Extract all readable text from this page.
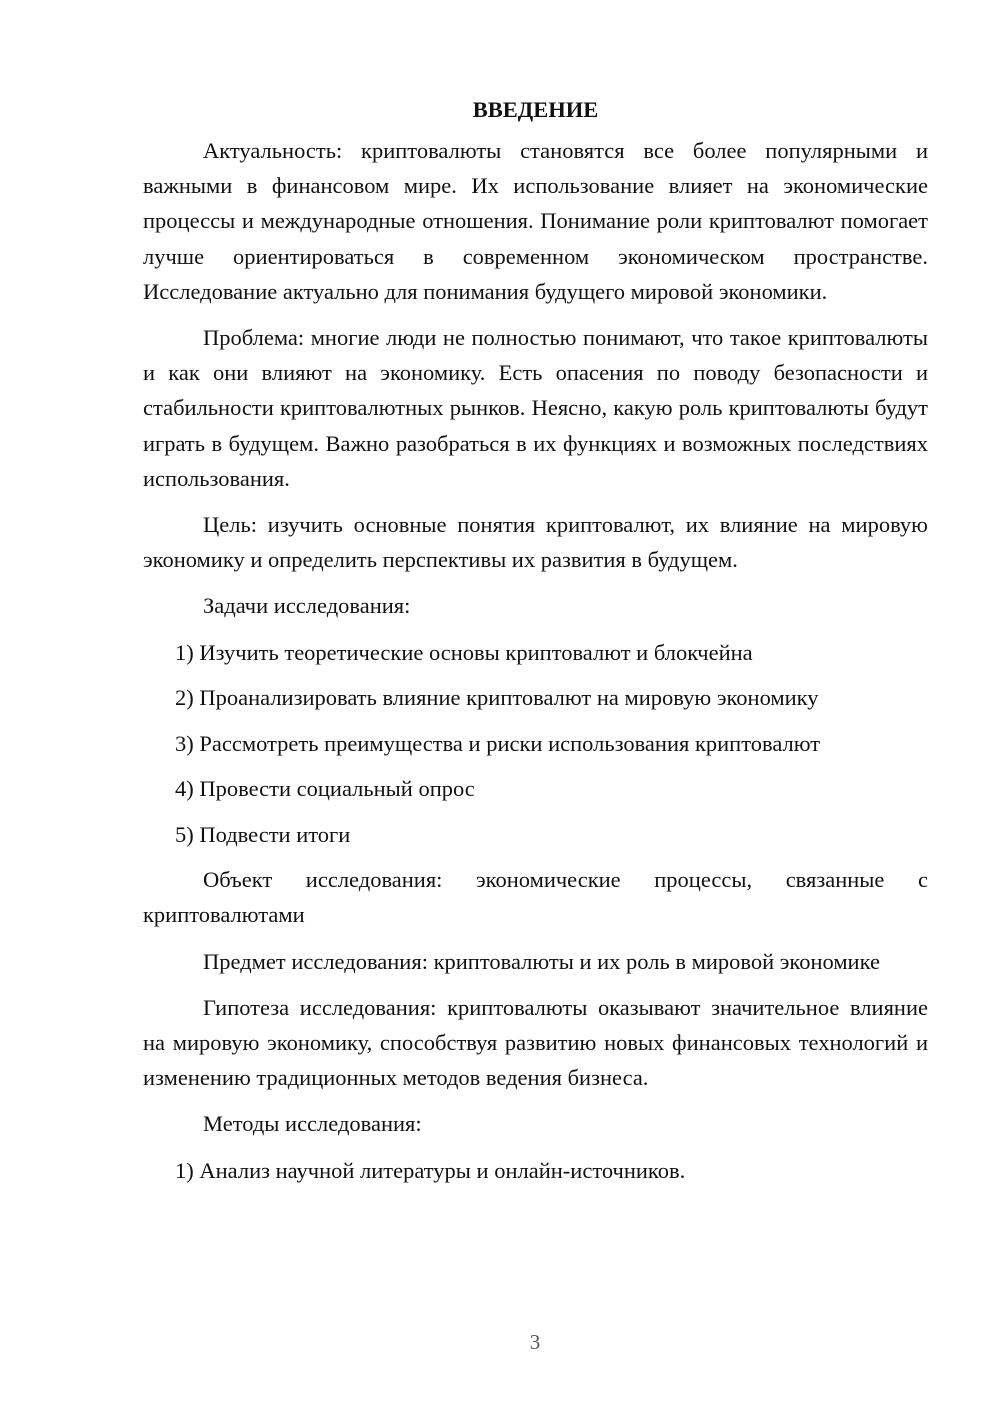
ВВЕДЕНИЕ

Актуальность: криптовалюты становятся все более популярными и важными в финансовом мире. Их использование влияет на экономические процессы и международные отношения. Понимание роли криптовалют помогает лучше ориентироваться в современном экономическом пространстве. Исследование актуально для понимания будущего мировой экономики.

Проблема: многие люди не полностью понимают, что такое криптовалюты и как они влияют на экономику. Есть опасения по поводу безопасности и стабильности криптовалютных рынков. Неясно, какую роль криптовалюты будут играть в будущем. Важно разобраться в их функциях и возможных последствиях использования.

Цель: изучить основные понятия криптовалют, их влияние на мировую экономику и определить перспективы их развития в будущем.

Задачи исследования:

1) Изучить теоретические основы криптовалют и блокчейна
2) Проанализировать влияние криптовалют на мировую экономику
3) Рассмотреть преимущества и риски использования криптовалют
4) Провести социальный опрос
5) Подвести итоги

Объект исследования: экономические процессы, связанные с криптовалютами

Предмет исследования: криптовалюты и их роль в мировой экономике

Гипотеза исследования: криптовалюты оказывают значительное влияние на мировую экономику, способствуя развитию новых финансовых технологий и изменению традиционных методов ведения бизнеса.

Методы исследования:

1) Анализ научной литературы и онлайн-источников.
3
